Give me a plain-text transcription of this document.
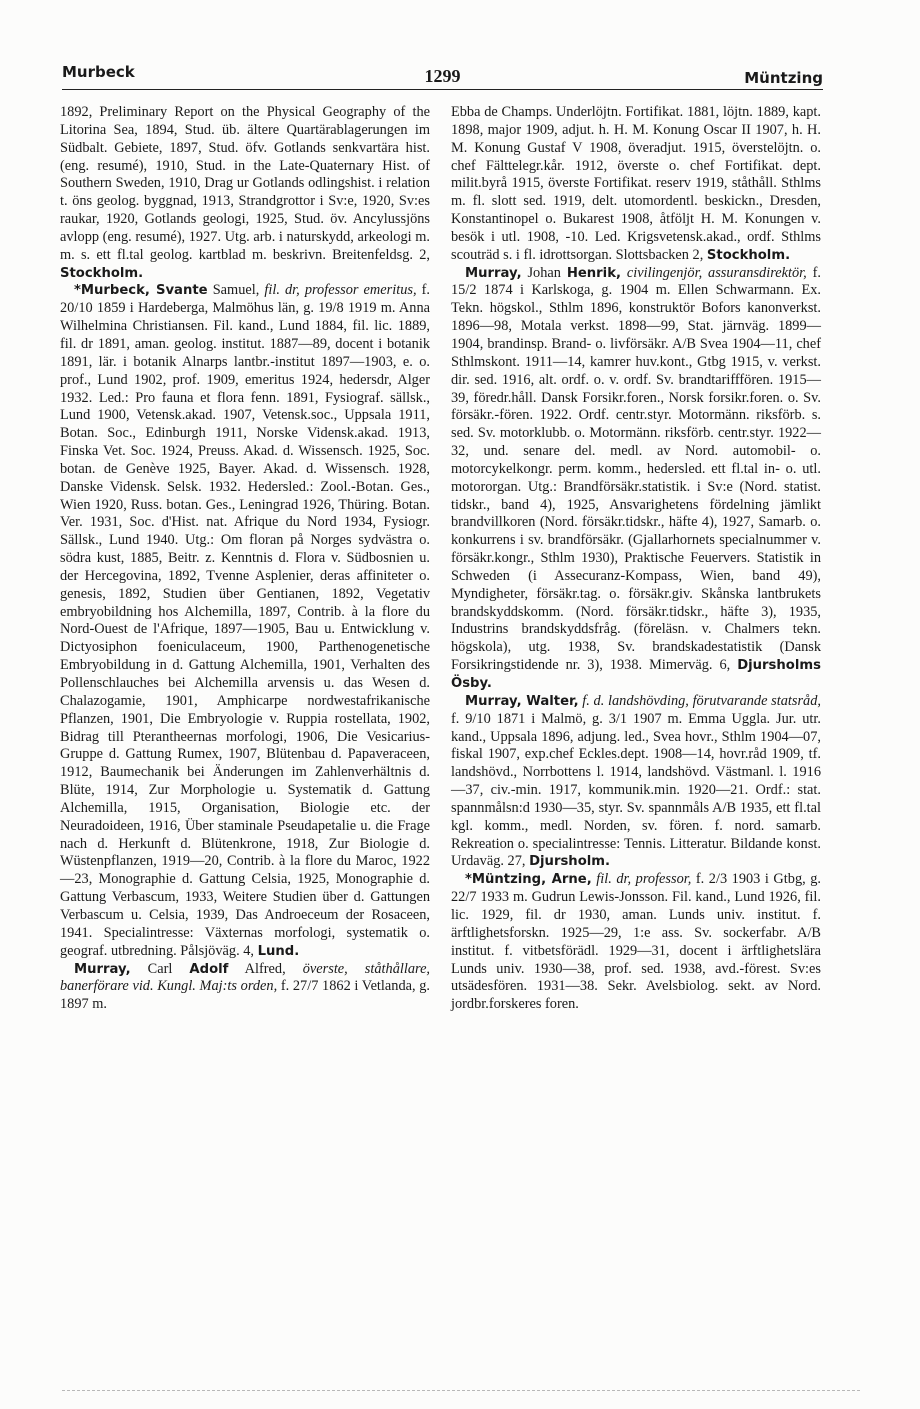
Murbeck	1299	Müntzing

1892, Preliminary Report on the Physical Geography of the Litorina Sea, 1894, Stud. üb. ältere Quartärablagerungen im Südbalt. Gebiete, 1897, Stud. öfv. Gotlands senkvartära hist. (eng. resumé), 1910, Stud. in the Late-Quaternary Hist. of Southern Sweden, 1910, Drag ur Gotlands odlingshist. i relation t. öns geolog. byggnad, 1913, Strandgrottor i Sv:e, 1920, Sv:es raukar, 1920, Gotlands geologi, 1925, Stud. öv. Ancylussjöns avlopp (eng. resumé), 1927. Utg. arb. i naturskydd, arkeologi m. m. s. ett fl.tal geolog. kartblad m. beskrivn. Breitenfeldsg. 2, Stockholm.

*Murbeck, Svante Samuel, fil. dr, professor emeritus, f. 20/10 1859 i Hardeberga, Malmöhus län, g. 19/8 1919 m. Anna Wilhelmina Christiansen. Fil. kand., Lund 1884, fil. lic. 1889, fil. dr 1891, aman. geolog. institut. 1887—89, docent i botanik 1891, lär. i botanik Alnarps lantbr.-institut 1897—1903, e. o. prof., Lund 1902, prof. 1909, emeritus 1924, hedersdr, Alger 1932. Led.: Pro fauna et flora fenn. 1891, Fysiograf. sällsk., Lund 1900, Vetensk.akad. 1907, Vetensk.soc., Uppsala 1911, Botan. Soc., Edinburgh 1911, Norske Vidensk.akad. 1913, Finska Vet. Soc. 1924, Preuss. Akad. d. Wissensch. 1925, Soc. botan. de Genève 1925, Bayer. Akad. d. Wissensch. 1928, Danske Vidensk. Selsk. 1932. Hedersled.: Zool.-Botan. Ges., Wien 1920, Russ. botan. Ges., Leningrad 1926, Thüring. Botan. Ver. 1931, Soc. d'Hist. nat. Afrique du Nord 1934, Fysiogr. Sällsk., Lund 1940. Utg.: Om floran på Norges sydvästra o. södra kust, 1885, Beitr. z. Kenntnis d. Flora v. Südbosnien u. der Hercegovina, 1892, Tvenne Asplenier, deras affiniteter o. genesis, 1892, Studien über Gentianen, 1892, Vegetativ embryobildning hos Alchemilla, 1897, Contrib. à la flore du Nord-Ouest de l'Afrique, 1897—1905, Bau u. Entwicklung v. Dictyosiphon foeniculaceum, 1900, Parthenogenetische Embryobildung in d. Gattung Alchemilla, 1901, Verhalten des Pollenschlauches bei Alchemilla arvensis u. das Wesen d. Chalazogamie, 1901, Amphicarpe nordwestafrikanische Pflanzen, 1901, Die Embryologie v. Ruppia rostellata, 1902, Bidrag till Pterantheernas morfologi, 1906, Die Vesicarius-Gruppe d. Gattung Rumex, 1907, Blütenbau d. Papaveraceen, 1912, Baumechanik bei Änderungen im Zahlenverhältnis d. Blüte, 1914, Zur Morphologie u. Systematik d. Gattung Alchemilla, 1915, Organisation, Biologie etc. der Neuradoideen, 1916, Über staminale Pseudapetalie u. die Frage nach d. Herkunft d. Blütenkrone, 1918, Zur Biologie d. Wüstenpflanzen, 1919—20, Contrib. à la flore du Maroc, 1922—23, Monographie d. Gattung Celsia, 1925, Monographie d. Gattung Verbascum, 1933, Weitere Studien über d. Gattungen Verbascum u. Celsia, 1939, Das Androeceum der Rosaceen, 1941. Specialintresse: Växternas morfologi, systematik o. geograf. utbredning. Pålsjöväg. 4, Lund.

Murray, Carl Adolf Alfred, överste, ståthållare, banerförare vid. Kungl. Maj:ts orden, f. 27/7 1862 i Vetlanda, g. 1897 m.

Ebba de Champs. Underlöjtn. Fortifikat. 1881, löjtn. 1889, kapt. 1898, major 1909, adjut. h. H. M. Konung Oscar II 1907, h. H. M. Konung Gustaf V 1908, överadjut. 1915, överstelöjtn. o. chef Fälttelegr.kår. 1912, överste o. chef Fortifikat. dept. milit.byrå 1915, överste Fortifikat. reserv 1919, ståthåll. Sthlms m. fl. slott sed. 1919, delt. utomordentl. beskickn., Dresden, Konstantinopel o. Bukarest 1908, åtföljt H. M. Konungen v. besök i utl. 1908, -10. Led. Krigsvetensk.akad., ordf. Sthlms scouträd s. i fl. idrottsorgan. Slottsbacken 2, Stockholm.

Murray, Johan Henrik, civilingenjör, assuransdirektör, f. 15/2 1874 i Karlskoga, g. 1904 m. Ellen Schwarmann. Ex. Tekn. högskol., Sthlm 1896, konstruktör Bofors kanonverkst. 1896—98, Motala verkst. 1898—99, Stat. järnväg. 1899—1904, brandinsp. Brand- o. livförsäkr. A/B Svea 1904—11, chef Sthlmskont. 1911—14, kamrer huv.kont., Gtbg 1915, v. verkst. dir. sed. 1916, alt. ordf. o. v. ordf. Sv. brandtarifffören. 1915—39, föredr.håll. Dansk Forsikr.foren., Norsk forsikr.foren. o. Sv. försäkr.-fören. 1922. Ordf. centr.styr. Motormänn. riksförb. s. sed. Sv. motorklubb. o. Motormänn. riksförb. centr.styr. 1922—32, und. senare del. medl. av Nord. automobil- o. motorcykelkongr. perm. komm., hedersled. ett fl.tal in- o. utl. motororgan. Utg.: Brandförsäkr.statistik. i Sv:e (Nord. statist. tidskr., band 4), 1925, Ansvarighetens fördelning jämlikt brandvillkoren (Nord. försäkr.tidskr., häfte 4), 1927, Samarb. o. konkurrens i sv. brandförsäkr. (Gjallarhornets specialnummer v. försäkr.kongr., Sthlm 1930), Praktische Feuervers. Statistik in Schweden (i Assecuranz-Kompass, Wien, band 49), Myndigheter, försäkr.tag. o. försäkr.giv. Skånska lantbrukets brandskyddskomm. (Nord. försäkr.tidskr., häfte 3), 1935, Industrins brandskyddsfråg. (föreläsn. v. Chalmers tekn. högskola), utg. 1938, Sv. brandskadestatistik (Dansk Forsikringstidende nr. 3), 1938. Mimerväg. 6, Djursholms Ösby.

Murray, Walter, f. d. landshövding, förutvarande statsråd, f. 9/10 1871 i Malmö, g. 3/1 1907 m. Emma Uggla. Jur. utr. kand., Uppsala 1896, adjung. led., Svea hovr., Sthlm 1904—07, fiskal 1907, exp.chef Eckles.dept. 1908—14, hovr.råd 1909, tf. landshövd., Norrbottens l. 1914, landshövd. Västmanl. l. 1916—37, civ.-min. 1917, kommunik.min. 1920—21. Ordf.: stat. spannmålsn:d 1930—35, styr. Sv. spannmåls A/B 1935, ett fl.tal kgl. komm., medl. Norden, sv. fören. f. nord. samarb. Rekreation o. specialintresse: Tennis. Litteratur. Bildande konst. Urdaväg. 27, Djursholm.

*Müntzing, Arne, fil. dr, professor, f. 2/3 1903 i Gtbg, g. 22/7 1933 m. Gudrun Lewis-Jonsson. Fil. kand., Lund 1926, fil. lic. 1929, fil. dr 1930, aman. Lunds univ. institut. f. ärftlighetsforskn. 1925—29, 1:e ass. Sv. sockerfabr. A/B institut. f. vitbetsförädl. 1929—31, docent i ärftlighetslära Lunds univ. 1930—38, prof. sed. 1938, avd.-förest. Sv:es utsädesfören. 1931—38. Sekr. Avelsbiolog. sekt. av Nord. jordbr.forskeres foren.
